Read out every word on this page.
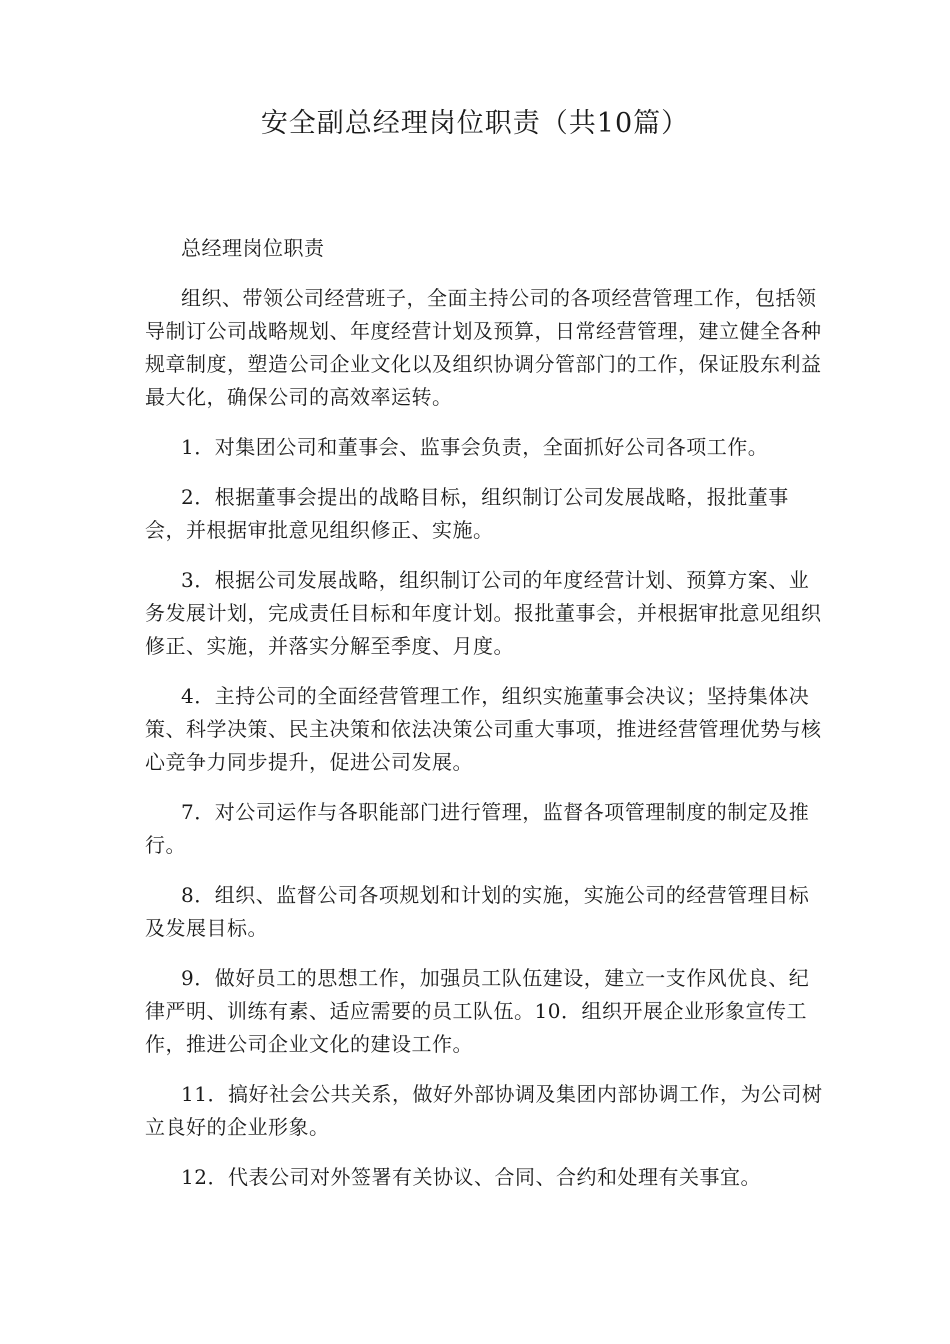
安全副总经理岗位职责（共10篇）

总经理岗位职责

组织、带领公司经营班子，全面主持公司的各项经营管理工作，包括领导制订公司战略规划、年度经营计划及预算，日常经营管理，建立健全各种规章制度，塑造公司企业文化以及组织协调分管部门的工作，保证股东利益最大化，确保公司的高效率运转。

1．对集团公司和董事会、监事会负责，全面抓好公司各项工作。

2．根据董事会提出的战略目标，组织制订公司发展战略，报批董事会，并根据审批意见组织修正、实施。

3．根据公司发展战略，组织制订公司的年度经营计划、预算方案、业务发展计划，完成责任目标和年度计划。报批董事会，并根据审批意见组织修正、实施，并落实分解至季度、月度。

4．主持公司的全面经营管理工作，组织实施董事会决议；坚持集体决策、科学决策、民主决策和依法决策公司重大事项，推进经营管理优势与核心竞争力同步提升，促进公司发展。

7．对公司运作与各职能部门进行管理，监督各项管理制度的制定及推行。

8．组织、监督公司各项规划和计划的实施，实施公司的经营管理目标及发展目标。

9．做好员工的思想工作，加强员工队伍建设，建立一支作风优良、纪律严明、训练有素、适应需要的员工队伍。10．组织开展企业形象宣传工作，推进公司企业文化的建设工作。

11．搞好社会公共关系，做好外部协调及集团内部协调工作，为公司树立良好的企业形象。

12．代表公司对外签署有关协议、合同、合约和处理有关事宜。
